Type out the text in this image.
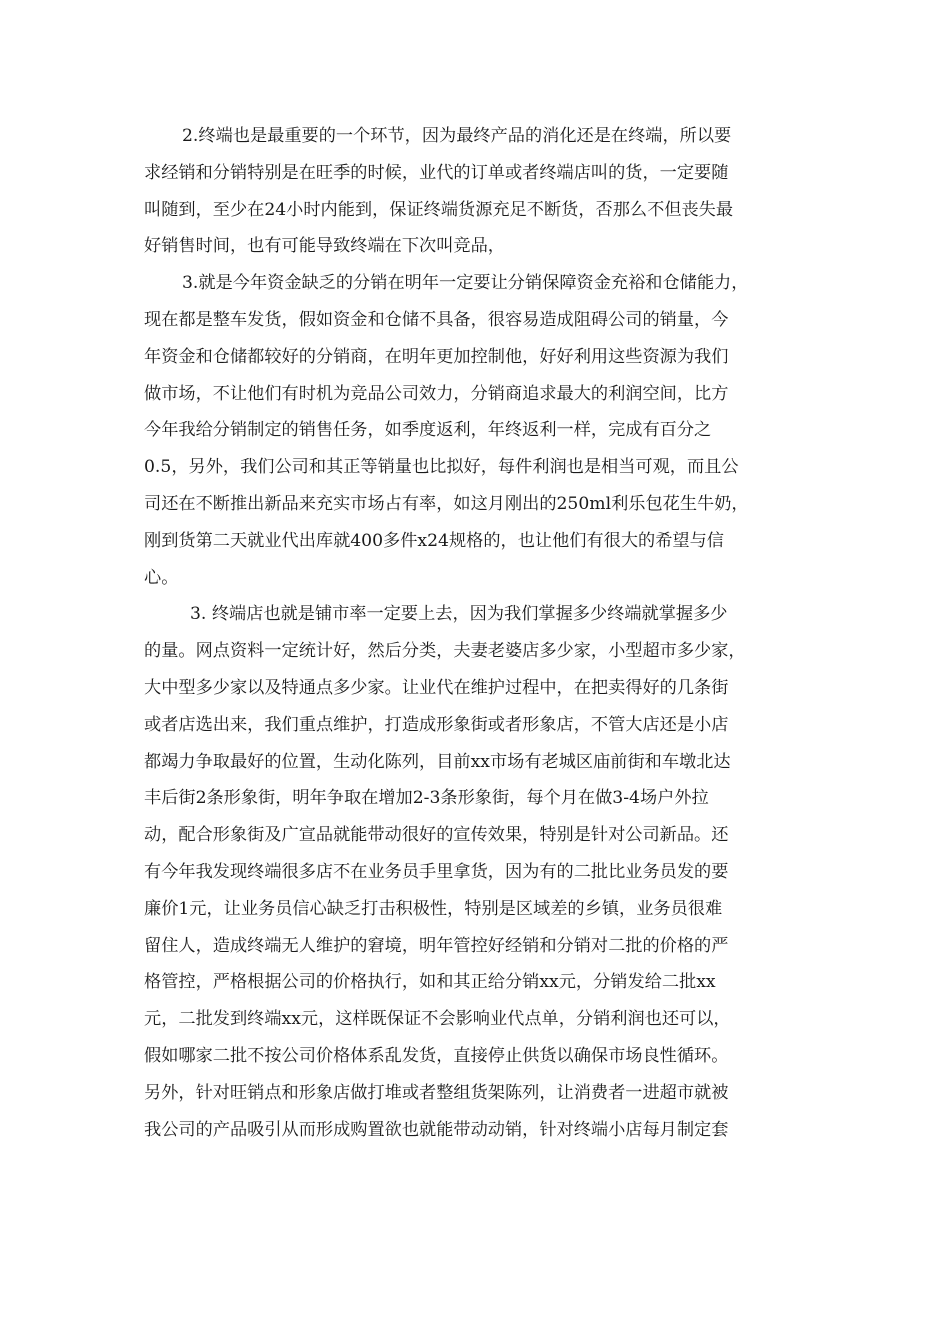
2.终端也是最重要的一个环节，因为最终产品的消化还是在终端，所以要
求经销和分销特别是在旺季的时候，业代的订单或者终端店叫的货，一定要随
叫随到，至少在24小时内能到，保证终端货源充足不断货，否那么不但丧失最
好销售时间，也有可能导致终端在下次叫竞品，
3.就是今年资金缺乏的分销在明年一定要让分销保障资金充裕和仓储能力，
现在都是整车发货，假如资金和仓储不具备，很容易造成阻碍公司的销量，今
年资金和仓储都较好的分销商，在明年更加控制他，好好利用这些资源为我们
做市场，不让他们有时机为竞品公司效力，分销商追求最大的利润空间，比方
今年我给分销制定的销售任务，如季度返利，年终返利一样，完成有百分之
0.5，另外，我们公司和其正等销量也比拟好，每件利润也是相当可观，而且公
司还在不断推出新品来充实市场占有率，如这月刚出的250ml利乐包花生牛奶，
刚到货第二天就业代出库就400多件x24规格的，也让他们有很大的希望与信
心。
3. 终端店也就是铺市率一定要上去，因为我们掌握多少终端就掌握多少
的量。网点资料一定统计好，然后分类，夫妻老婆店多少家，小型超市多少家，
大中型多少家以及特通点多少家。让业代在维护过程中，在把卖得好的几条街
或者店选出来，我们重点维护，打造成形象街或者形象店，不管大店还是小店
都竭力争取最好的位置，生动化陈列，目前xx市场有老城区庙前街和车墩北达
丰后街2条形象街，明年争取在增加2-3条形象街，每个月在做3-4场户外拉
动，配合形象街及广宣品就能带动很好的宣传效果，特别是针对公司新品。还
有今年我发现终端很多店不在业务员手里拿货，因为有的二批比业务员发的要
廉价1元，让业务员信心缺乏打击积极性，特别是区域差的乡镇，业务员很难
留住人，造成终端无人维护的窘境，明年管控好经销和分销对二批的价格的严
格管控，严格根据公司的价格执行，如和其正给分销xx元，分销发给二批xx
元，二批发到终端xx元，这样既保证不会影响业代点单，分销利润也还可以，
假如哪家二批不按公司价格体系乱发货，直接停止供货以确保市场良性循环。
另外，针对旺销点和形象店做打堆或者整组货架陈列，让消费者一进超市就被
我公司的产品吸引从而形成购置欲也就能带动动销，针对终端小店每月制定套
